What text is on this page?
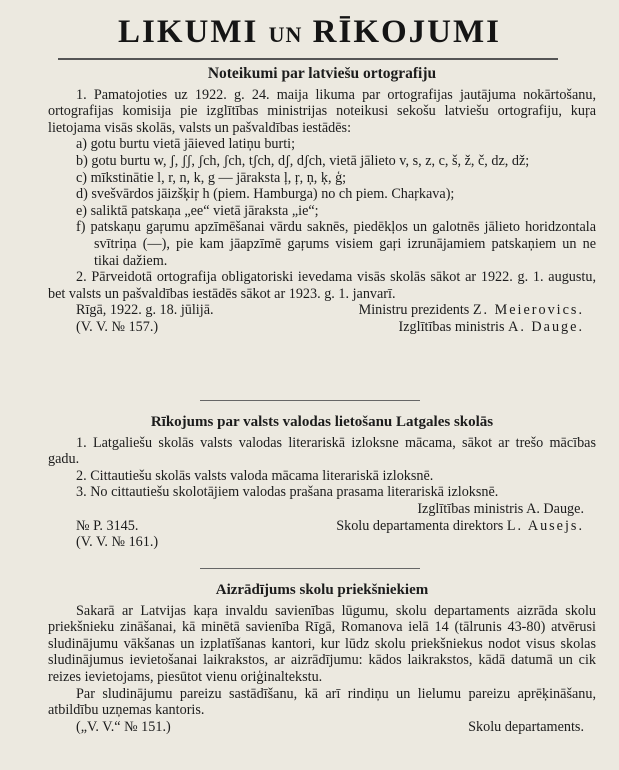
LIKUMI UN RĪKOJUMI
Noteikumi par latviešu ortografiju

1. Pamatojoties uz 1922. g. 24. maija likuma par ortografijas jautājuma nokārtošanu, ortografijas komisija pie izglītības ministrijas noteikusi sekošu latviešu ortografiju, kuŗa lietojama visās skolās, valsts un pašvaldības iestādēs:

a) gotu burtu vietā jāieved latiņu burti;
b) gotu burtu w, ʃ, ʃʃ, ʃch, ʃch, tʃch, dʃ, dʃch, vietā jālieto v, s, z, c, š, ž, č, dz, dž;
c) mīkstinātie l, r, n, k, g — jāraksta ļ, ŗ, ņ, ķ, ģ;
d) svešvārdos jāizšķiŗ h (piem. Hamburga) no ch piem. Chaŗkava);
e) saliktā patskaņa „ee“ vietā jāraksta „ie“;
f) patskaņu gaŗumu apzīmēšanai vārdu saknēs, piedēkļos un galotnēs jālieto horidzontala svītriņa (—), pie kam jāapzīmē gaŗums visiem gaŗi izrunājamiem patskaņiem un ne tikai dažiem.

2. Pārveidotā ortografija obligatoriski ievedama visās skolās sākot ar 1922. g. 1. augustu, bet valsts un pašvaldības iestādēs sākot ar 1923. g. 1. janvarī.

Rīgā, 1922. g. 18. jūlijā.
(V. V. № 157.)
Ministru prezidents Z. Meierovics.
Izglītības ministris A. Dauge.
Rīkojums par valsts valodas lietošanu Latgales skolās

1. Latgaliešu skolās valsts valodas literariskā izloksne mācama, sākot ar trešo mācības gadu.

2. Cittautiešu skolās valsts valoda mācama literariskā izloksnē.

3. No cittautiešu skolotājiem valodas prašana prasama literariskā izloksnē.

№ P. 3145.
(V. V. № 161.)
Izglītības ministris A. Dauge.
Skolu departamenta direktors L. Ausejs.
Aizrādījums skolu priekšniekiem

Sakarā ar Latvijas kaŗa invaldu savienības lūgumu, skolu departaments aizrāda skolu priekšnieku zināšanai, kā minētā savienība Rīgā, Romanova ielā 14 (tālrunis 43-80) atvērusi sludinājumu vākšanas un izplatīšanas kantori, kur lūdz skolu priekšniekus nodot visus skolas sludinājumus ievietošanai laikrakstos, ar aizrādījumu: kādos laikrakstos, kādā datumā un cik reizes ievietojams, piesūtot vienu oriģinaltekstu.

Par sludinājumu pareizu sastādīšanu, kā arī rindiņu un lielumu pareizu aprēķināšanu, atbildību uzņemas kantoris.

(„V. V.“ № 151.)	Skolu departaments.
